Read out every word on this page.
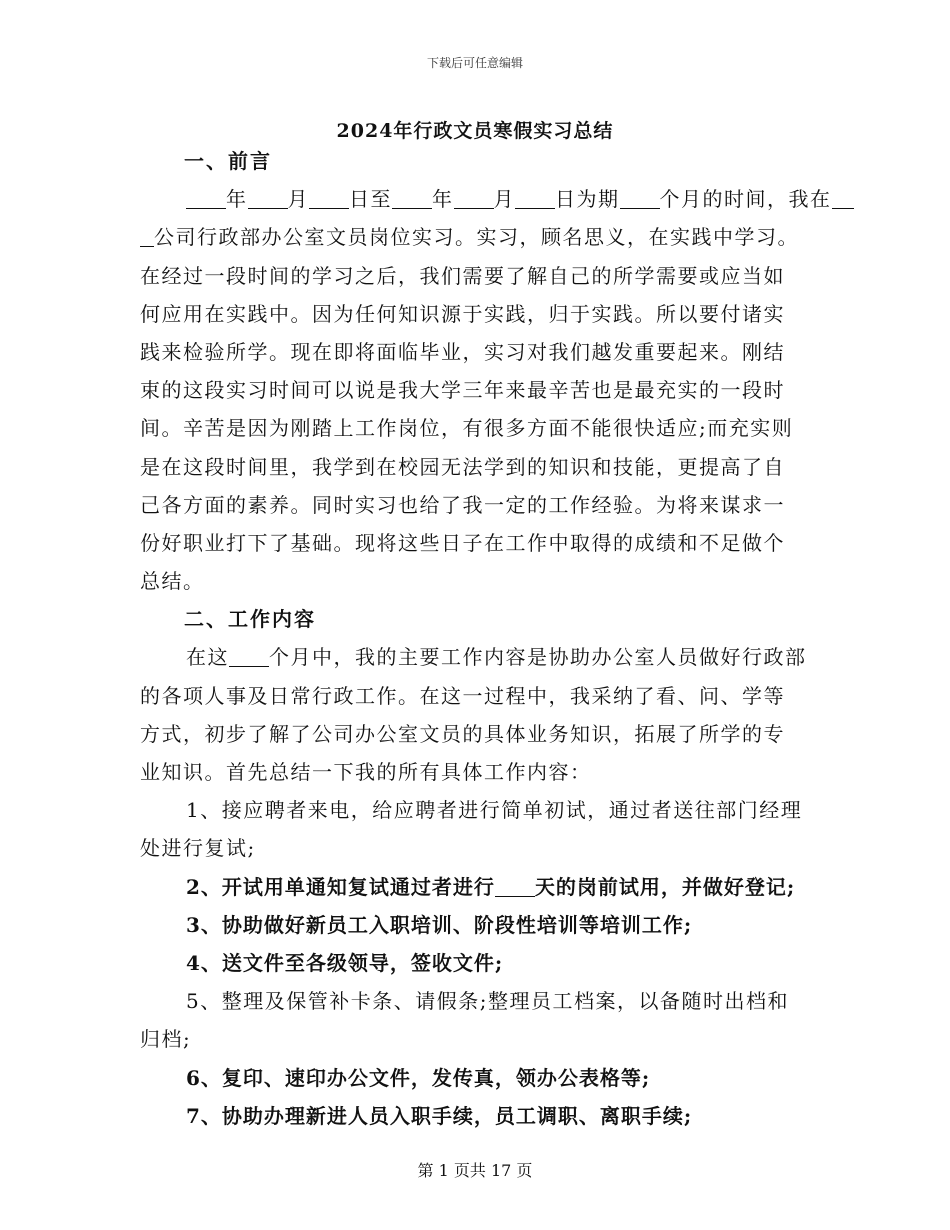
下载后可任意编辑
2024年行政文员寒假实习总结
一、前言
年 月 日至 年 月 日为期 个月的时间，我在
公司行政部办公室文员岗位实习。实习，顾名思义，在实践中学习。
在经过一段时间的学习之后，我们需要了解自己的所学需要或应当如
何应用在实践中。因为任何知识源于实践，归于实践。所以要付诸实
践来检验所学。现在即将面临毕业，实习对我们越发重要起来。刚结
束的这段实习时间可以说是我大学三年来最辛苦也是最充实的一段时
间。辛苦是因为刚踏上工作岗位，有很多方面不能很快适应;而充实则
是在这段时间里，我学到在校园无法学到的知识和技能，更提高了自
己各方面的素养。同时实习也给了我一定的工作经验。为将来谋求一
份好职业打下了基础。现将这些日子在工作中取得的成绩和不足做个
总结。
二、工作内容
在这 个月中，我的主要工作内容是协助办公室人员做好行政部
的各项人事及日常行政工作。在这一过程中，我采纳了看、问、学等
方式，初步了解了公司办公室文员的具体业务知识，拓展了所学的专
业知识。首先总结一下我的所有具体工作内容：
1、接应聘者来电，给应聘者进行简单初试，通过者送往部门经理
处进行复试;
2、开试用单通知复试通过者进行 天的岗前试用，并做好登记;
3、协助做好新员工入职培训、阶段性培训等培训工作;
4、送文件至各级领导，签收文件;
5、整理及保管补卡条、请假条;整理员工档案，以备随时出档和
归档;
6、复印、速印办公文件，发传真，领办公表格等;
7、协助办理新进人员入职手续，员工调职、离职手续;
第 1 页共 17 页
